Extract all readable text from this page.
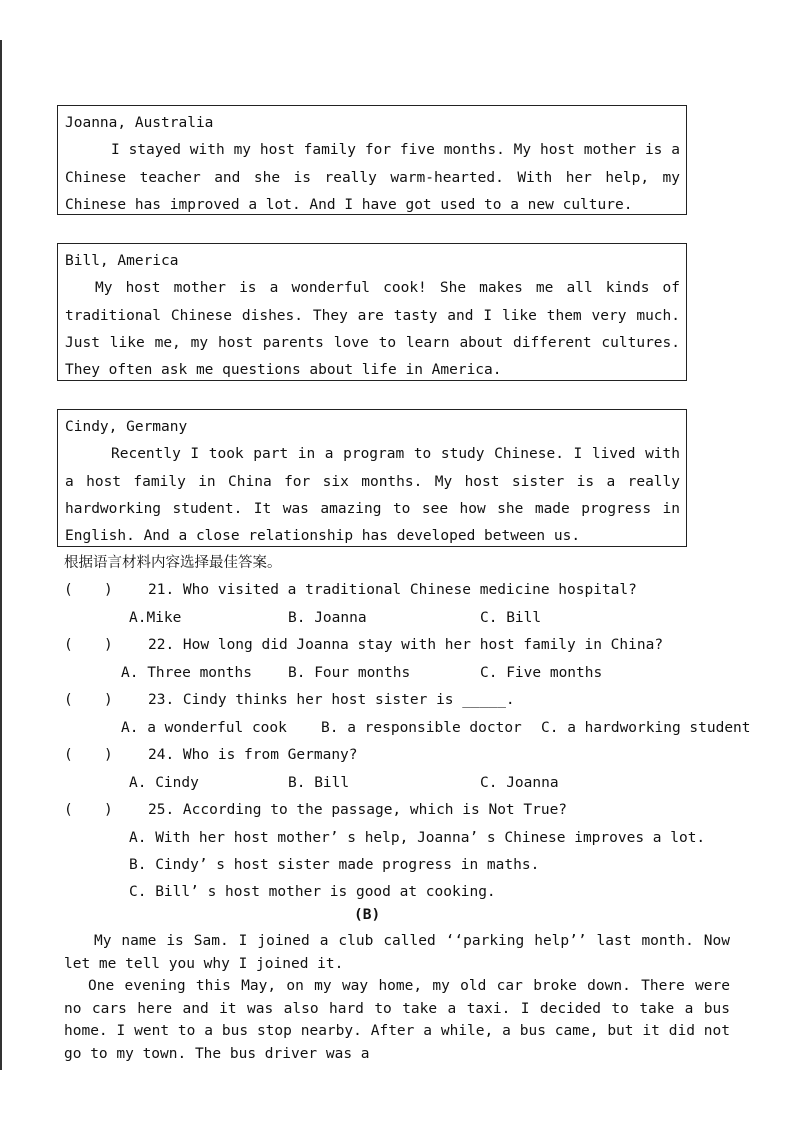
Joanna, Australia
I stayed with my host family for five months. My host mother is a Chinese teacher and she is really warm-hearted. With her help, my Chinese has improved a lot. And I have got used to a new culture.
Bill, America
My host mother is a wonderful cook! She makes me all kinds of traditional Chinese dishes. They are tasty and I like them very much. Just like me, my host parents love to learn about different cultures. They often ask me questions about life in America.
Cindy, Germany
Recently I took part in a program to study Chinese. I lived with a host family in China for six months. My host sister is a really hardworking student. It was amazing to see how she made progress in English. And a close relationship has developed between us.
根据语言材料内容选择最佳答案。
( ) 21. Who visited a traditional Chinese medicine hospital?
A.Mike	B. Joanna	C. Bill
( ) 22. How long did Joanna stay with her host family in China?
A. Three months B. Four months	C. Five months
( ) 23. Cindy thinks her host sister is _____.
A. a wonderful cook B. a responsible doctor C. a hardworking student
( ) 24. Who is from Germany?
A. Cindy	B. Bill	C. Joanna
( ) 25. According to the passage, which is Not True?
A. With her host mother’ s help, Joanna’ s Chinese improves a lot.
B. Cindy’ s host sister made progress in maths.
C. Bill’ s host mother is good at cooking.
(B)
My name is Sam. I joined a club called ‘‘parking help’’ last month. Now let me tell you why I joined it.
One evening this May, on my way home, my old car broke down. There were no cars here and it was also hard to take a taxi. I decided to take a bus home. I went to a bus stop nearby. After a while, a bus came, but it did not go to my town. The bus driver was a
